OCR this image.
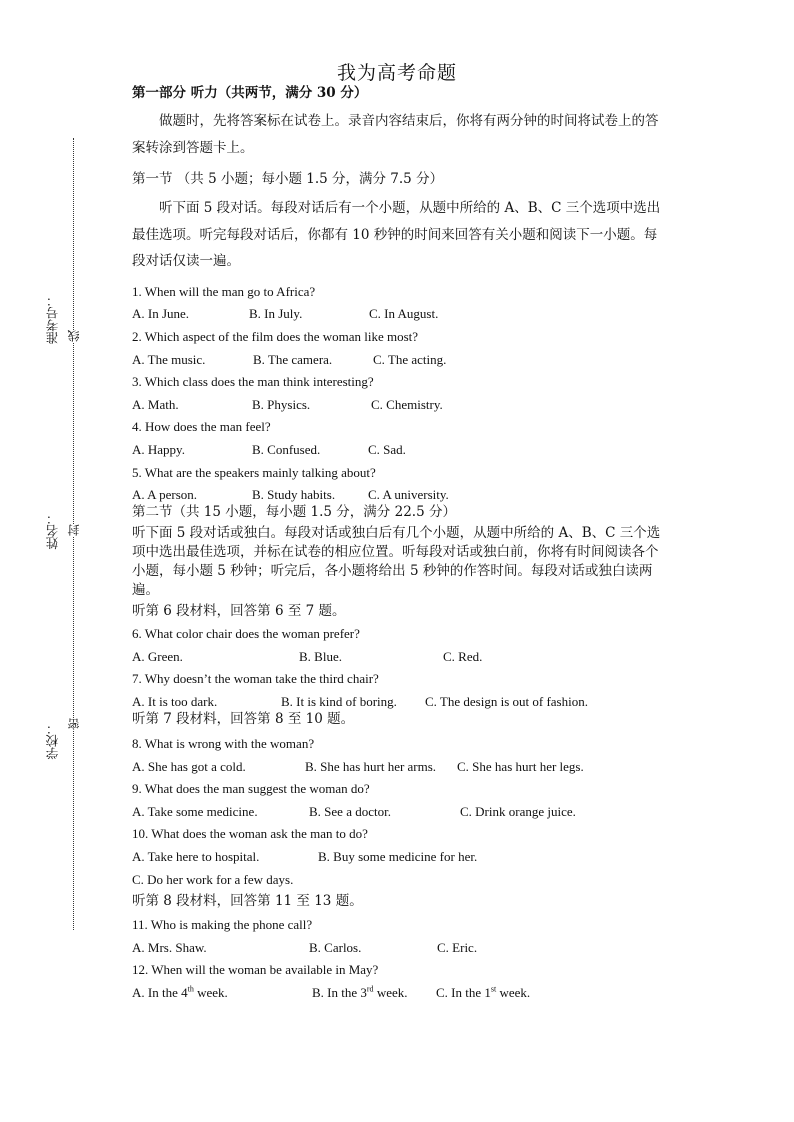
准考号： 线
姓名： 封
学校： 密
我为高考命题
第一部分 听力（共两节，满分 30 分）
做题时，先将答案标在试卷上。录音内容结束后，你将有两分钟的时间将试卷上的答案转涂到答题卡上。
第一节 （共 5 小题；每小题 1.5 分，满分 7.5 分）
听下面 5 段对话。每段对话后有一个小题，从题中所给的 A、B、C 三个选项中选出最佳选项。听完每段对话后，你都有 10 秒钟的时间来回答有关小题和阅读下一小题。每段对话仅读一遍。
1. When will the man go to Africa?
A. In June.	B. In July.	C. In August.
2. Which aspect of the film does the woman like most?
A. The music.	B. The camera.	C. The acting.
3. Which class does the man think interesting?
A. Math.	B. Physics.	C. Chemistry.
4. How does the man feel?
A. Happy.	B. Confused.	C. Sad.
5. What are the speakers mainly talking about?
A. A person.	B. Study habits.	C. A university.
第二节（共 15 小题，每小题 1.5 分，满分 22.5 分）
听下面 5 段对话或独白。每段对话或独白后有几个小题，从题中所给的 A、B、C 三个选项中选出最佳选项，并标在试卷的相应位置。听每段对话或独白前，你将有时间阅读各个小题，每小题 5 秒钟；听完后，各小题将给出 5 秒钟的作答时间。每段对话或独白读两遍。
听第 6 段材料，回答第 6 至 7 题。
6. What color chair does the woman prefer?
A. Green.	B. Blue.	C. Red.
7. Why doesn’t the woman take the third chair?
A. It is too dark.	B. It is kind of boring. C. The design is out of fashion.
听第 7 段材料，回答第 8 至 10 题。
8. What is wrong with the woman?
A. She has got a cold.	B. She has hurt her arms. C. She has hurt her legs.
9. What does the man suggest the woman do?
A. Take some medicine.	B. See a doctor.	C. Drink orange juice.
10. What does the woman ask the man to do?
A. Take here to hospital.	B. Buy some medicine for her.
C. Do her work for a few days.
听第 8 段材料，回答第 11 至 13 题。
11. Who is making the phone call?
A. Mrs. Shaw.	B. Carlos.	C. Eric.
12. When will the woman be available in May?
A. In the 4th week.	B. In the 3rd week. C. In the 1st week.
